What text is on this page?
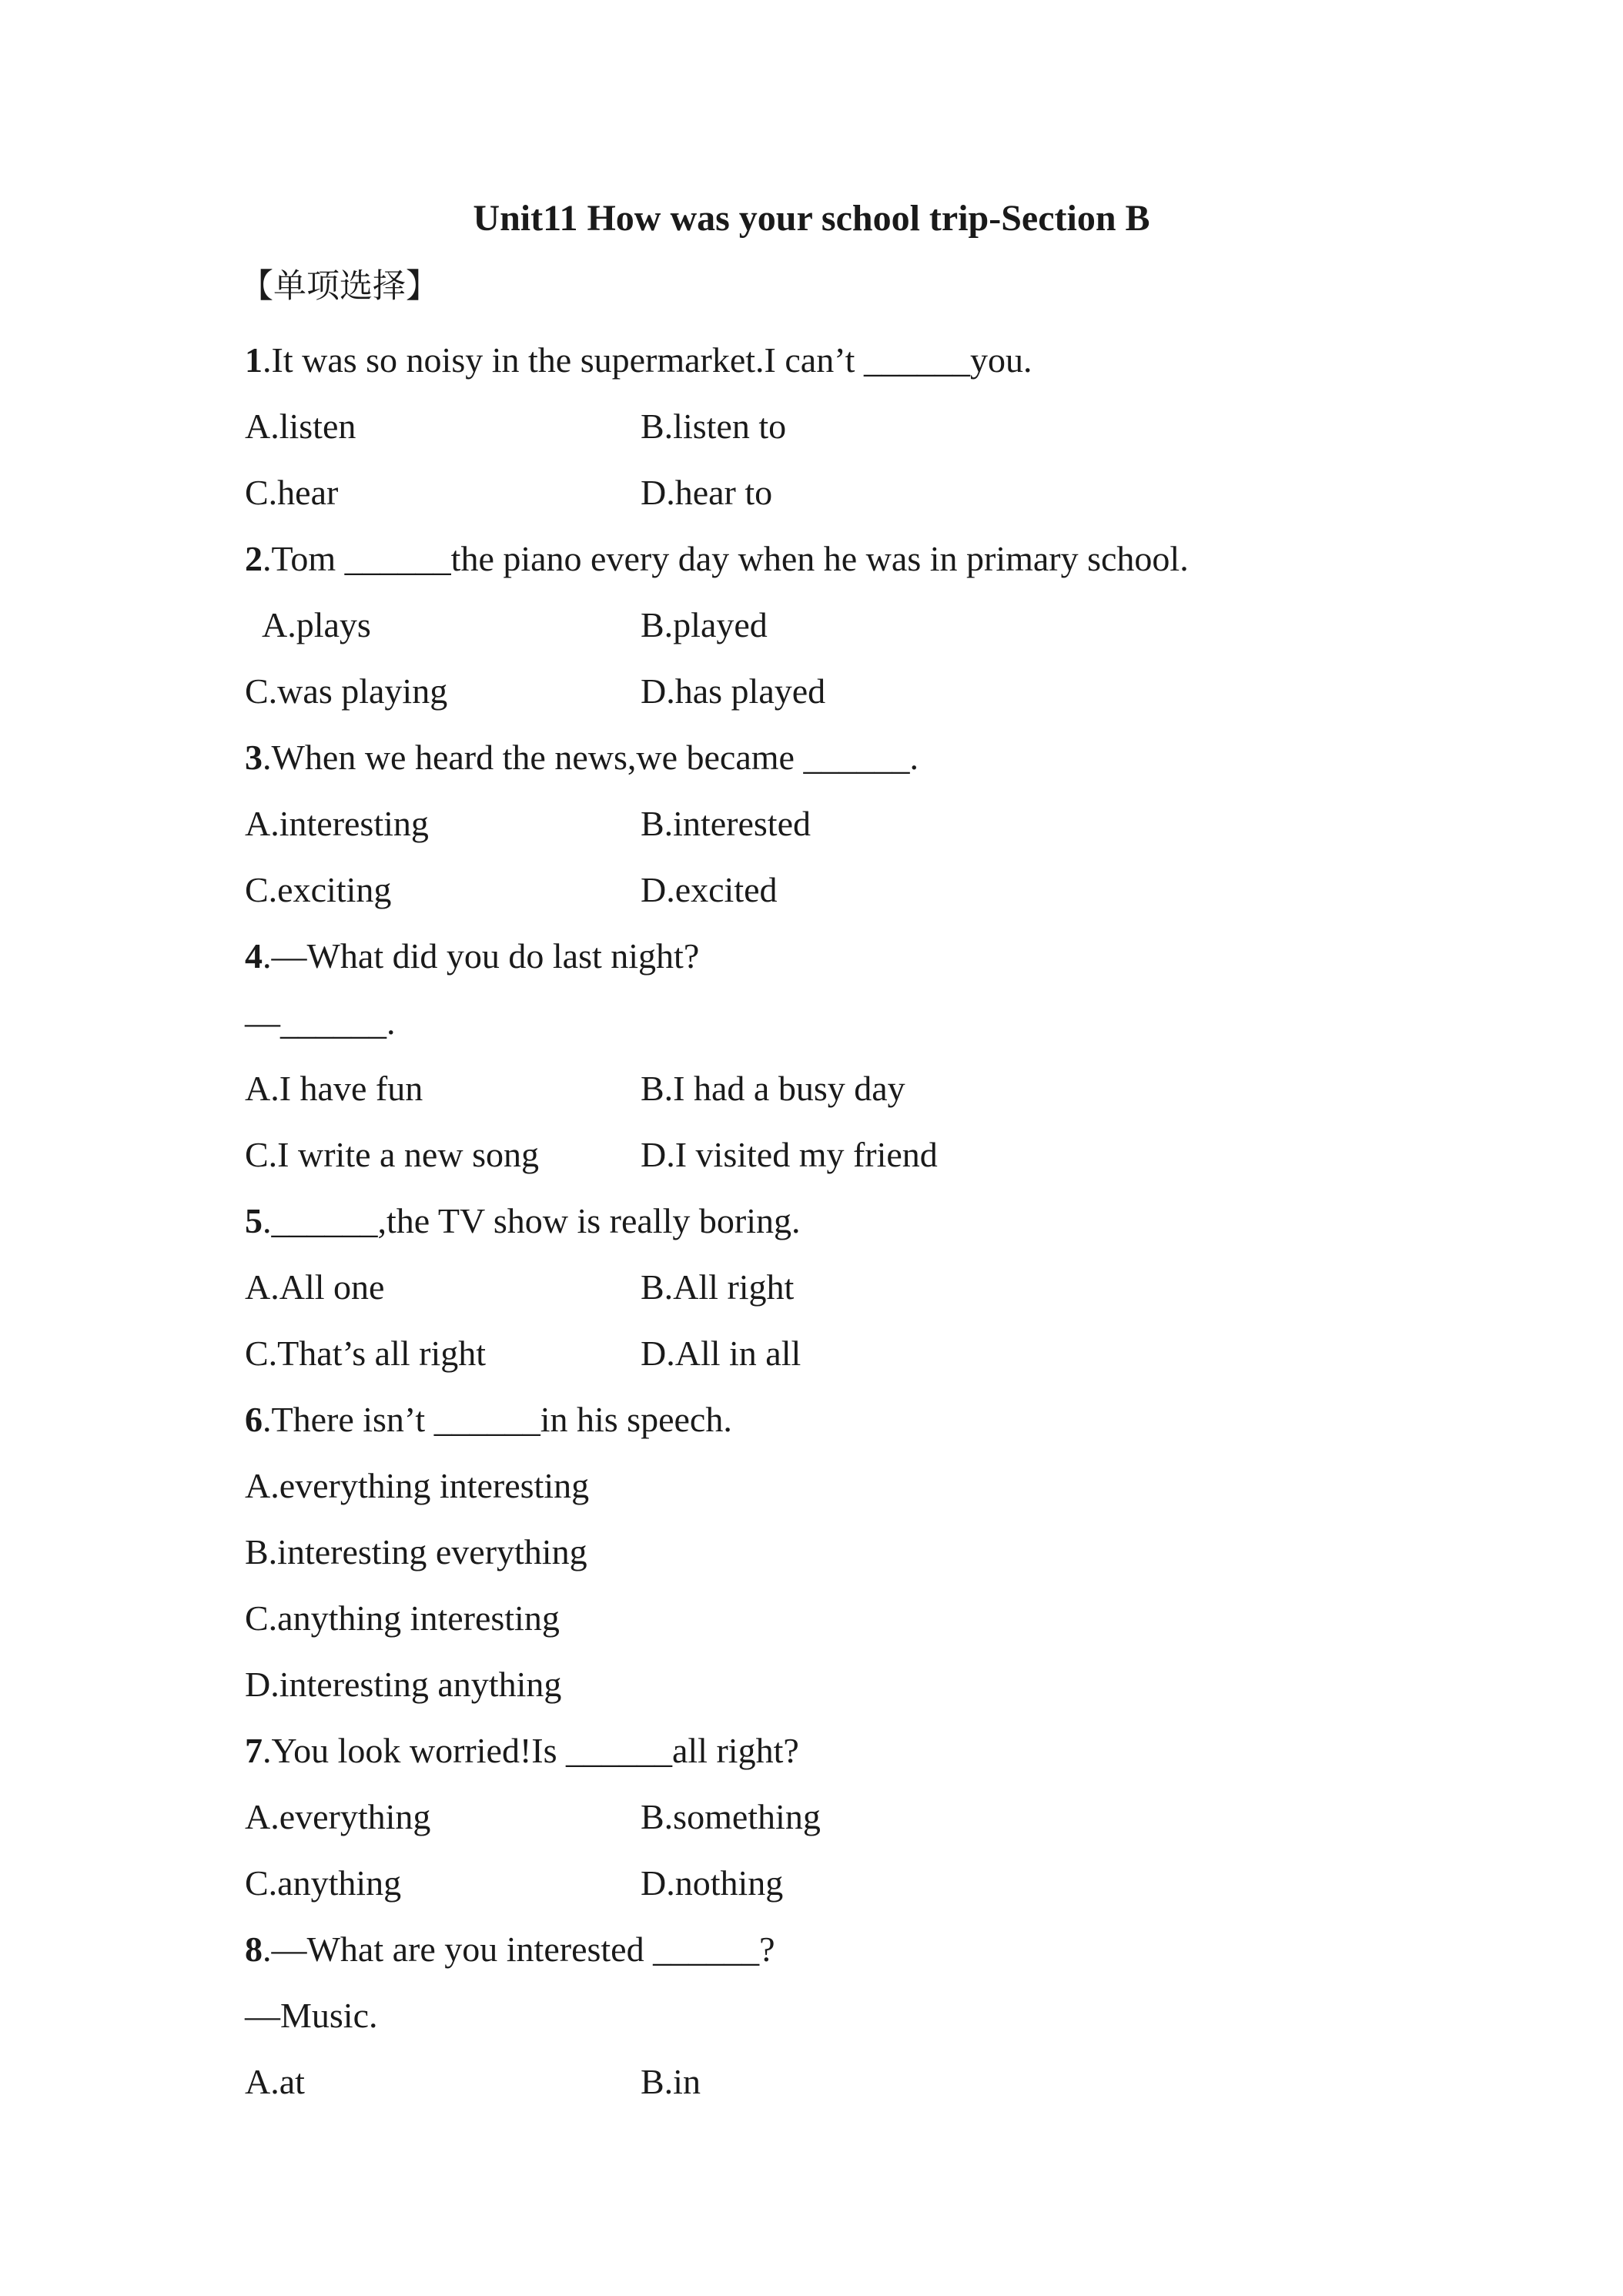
Unit11 How was your school trip-Section B
【单项选择】
1.It was so noisy in the supermarket.I can’t ______you.
A.listen	B.listen to
C.hear	D.hear to
2.Tom ______the piano every day when he was in primary school.
A.plays	B.played
C.was playing	D.has played
3.When we heard the news,we became ______.
A.interesting	B.interested
C.exciting	D.excited
4.—What did you do last night?
—______.
A.I have fun	B.I had a busy day
C.I write a new song	D.I visited my friend
5.______,the TV show is really boring.
A.All one	B.All right
C.That’s all right	D.All in all
6.There isn’t ______in his speech.
A.everything interesting
B.interesting everything
C.anything interesting
D.interesting anything
7.You look worried!Is ______all right?
A.everything	B.something
C.anything	D.nothing
8.—What are you interested ______?
—Music.
A.at	B.in
